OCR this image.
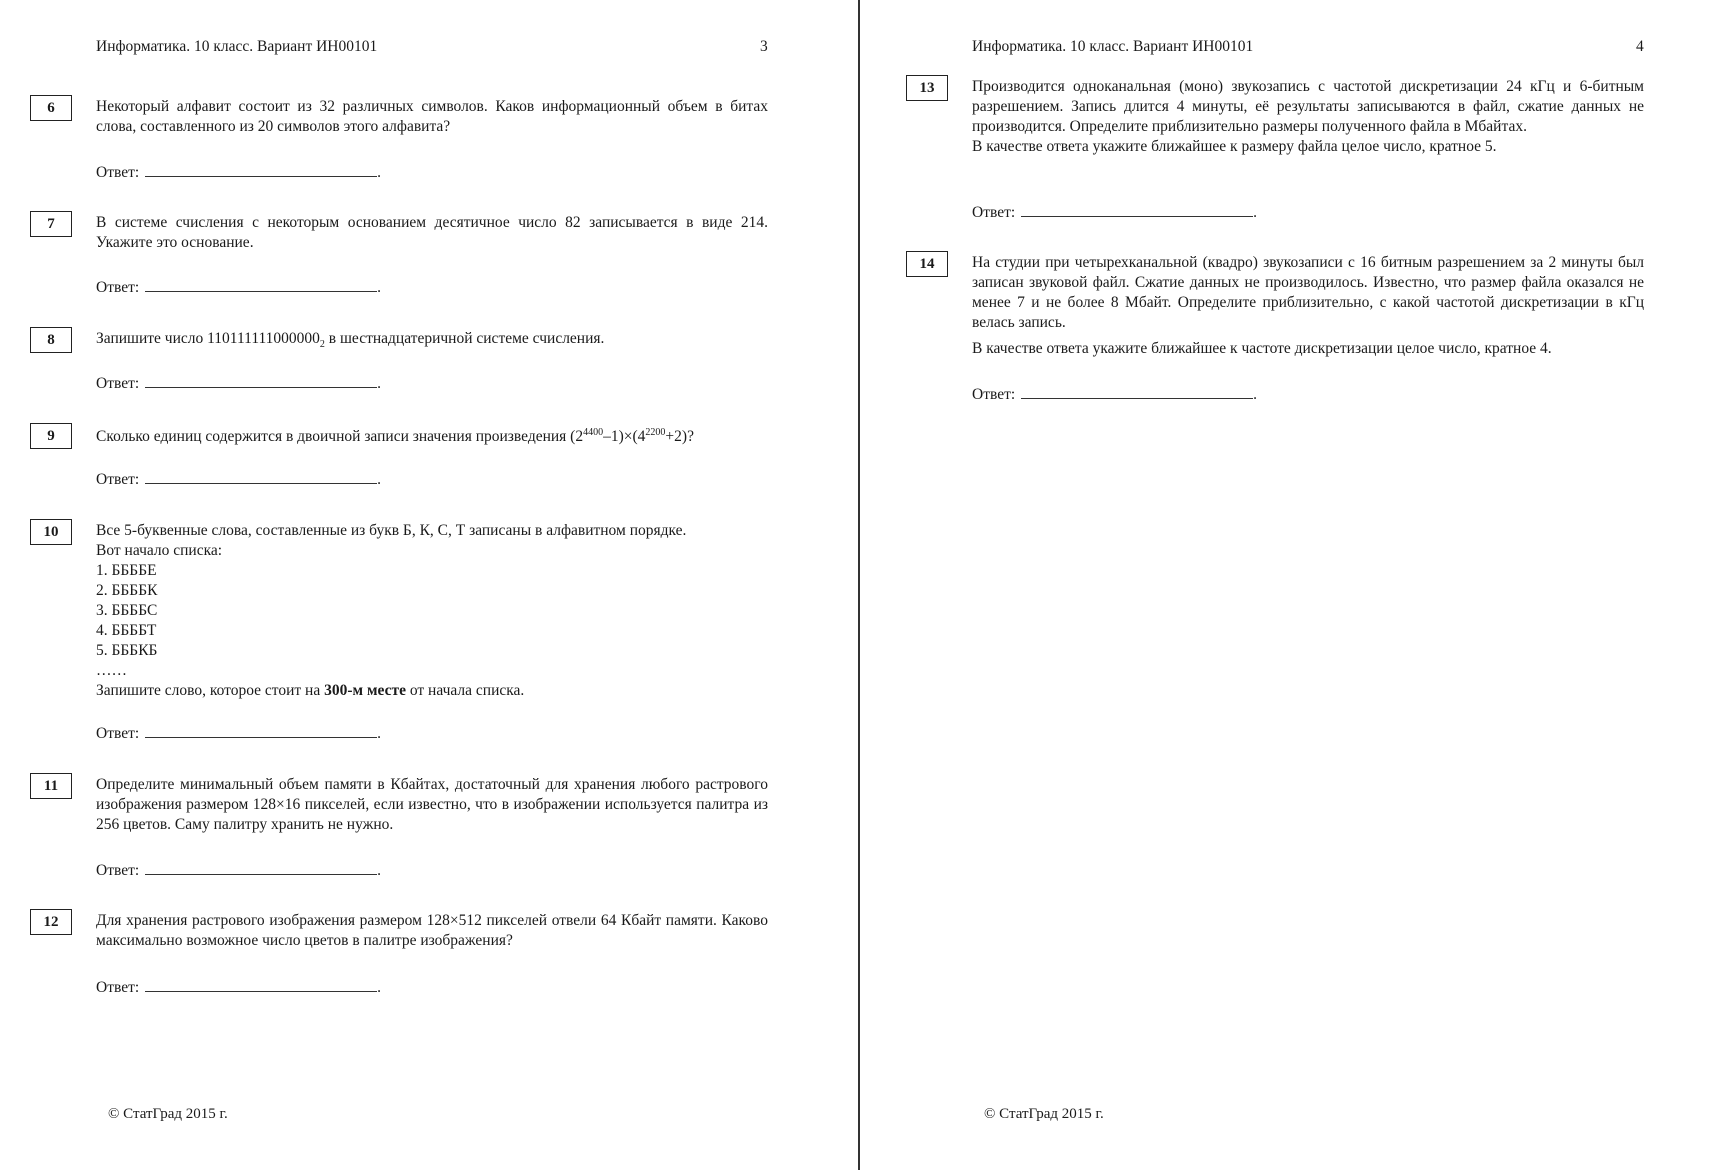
Информатика. 10 класс. Вариант ИН00101	3
6	Некоторый алфавит состоит из 32 различных символов. Каков информационный объем в битах слова, составленного из 20 символов этого алфавита?

Ответ:	.
7	В системе счисления с некоторым основанием десятичное число 82 записывается в виде 214. Укажите это основание.

Ответ:	.
8	Запишите число $110111111000000_2$ в шестнадцатеричной системе счисления.

Ответ:	.
9	Сколько единиц содержится в двоичной записи значения произведения $(2^{4400}-1)\times(4^{2200}+2)$?

Ответ:	.
10	Все 5-буквенные слова, составленные из букв Б, К, С, Т записаны в алфавитном порядке.
Вот начало списка:
1. ББББЕ
2. ББББК
3. ББББС
4. ББББТ
5. БББКБ
……
Запишите слово, которое стоит на 300-м месте от начала списка.
Ответ:	.
11	Определите минимальный объем памяти в Кбайтах, достаточный для хранения любого растрового изображения размером 128×16 пикселей, если известно, что в изображении используется палитра из 256 цветов. Саму палитру хранить не нужно.

Ответ:	.
12	Для хранения растрового изображения размером 128×512 пикселей отвели 64 Кбайт памяти. Каково максимально возможное число цветов в палитре изображения?

Ответ:	.
© СтатГрад 2015 г.
Информатика. 10 класс. Вариант ИН00101	4
13	Производится одноканальная (моно) звукозапись с частотой дискретизации 24 кГц и 6-битным разрешением. Запись длится 4 минуты, её результаты записываются в файл, сжатие данных не производится. Определите приблизительно размеры полученного файла в Мбайтах.

В качестве ответа укажите ближайшее к размеру файла целое число, кратное 5.

Ответ:	.
14	На студии при четырехканальной (квадро) звукозаписи с 16 битным разрешением за 2 минуты был записан звуковой файл. Сжатие данных не производилось. Известно, что размер файла оказался не менее 7 и не более 8 Мбайт. Определите приблизительно, с какой частотой дискретизации в кГц велась запись.

В качестве ответа укажите ближайшее к частоте дискретизации целое число, кратное 4.

Ответ:	.
© СтатГрад 2015 г.
